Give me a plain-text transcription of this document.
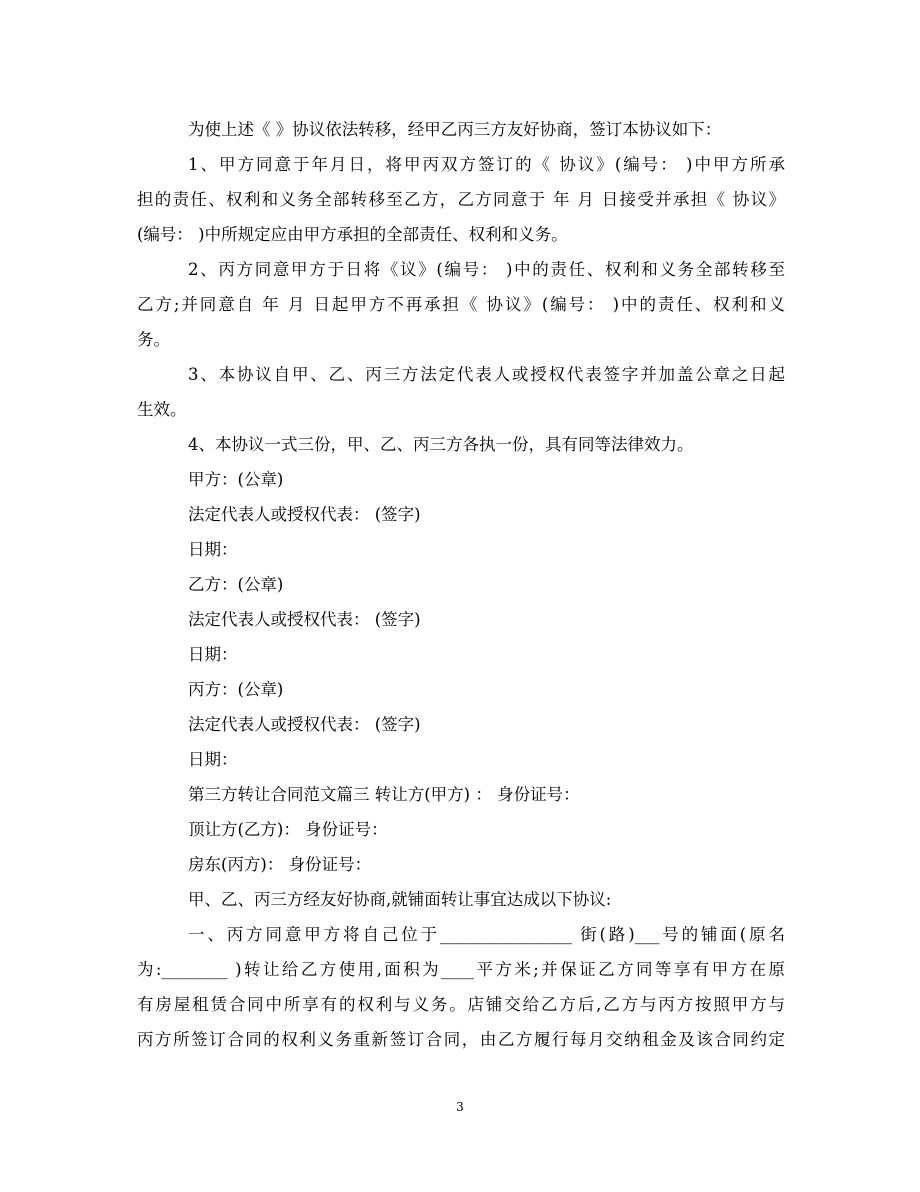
为使上述《 》协议依法转移，经甲乙丙三方友好协商，签订本协议如下：
1、甲方同意于年月日，将甲丙双方签订的《 协议》(编号： )中甲方所承
担的责任、权利和义务全部转移至乙方，乙方同意于 年 月 日接受并承担《 协议》
(编号： )中所规定应由甲方承担的全部责任、权利和义务。
2、丙方同意甲方于日将《议》(编号： )中的责任、权利和义务全部转移至
乙方;并同意自 年 月 日起甲方不再承担《 协议》(编号： )中的责任、权利和义
务。
3、本协议自甲、乙、丙三方法定代表人或授权代表签字并加盖公章之日起
生效。
4、本协议一式三份，甲、乙、丙三方各执一份，具有同等法律效力。
甲方：(公章)
法定代表人或授权代表： (签字)
日期：
乙方：(公章)
法定代表人或授权代表： (签字)
日期：
丙方：(公章)
法定代表人或授权代表： (签字)
日期：
第三方转让合同范文篇三 转让方(甲方) ： 身份证号：
顶让方(乙方)： 身份证号：
房东(丙方)： 身份证号：
甲、乙、丙三方经友好协商,就铺面转让事宜达成以下协议:
一、丙方同意甲方将自己位于________________ 街(路)___号的铺面(原名
为:________ )转让给乙方使用,面积为____平方米;并保证乙方同等享有甲方在原
有房屋租赁合同中所享有的权利与义务。店铺交给乙方后,乙方与丙方按照甲方与
丙方所签订合同的权利义务重新签订合同，由乙方履行每月交纳租金及该合同约定
3
